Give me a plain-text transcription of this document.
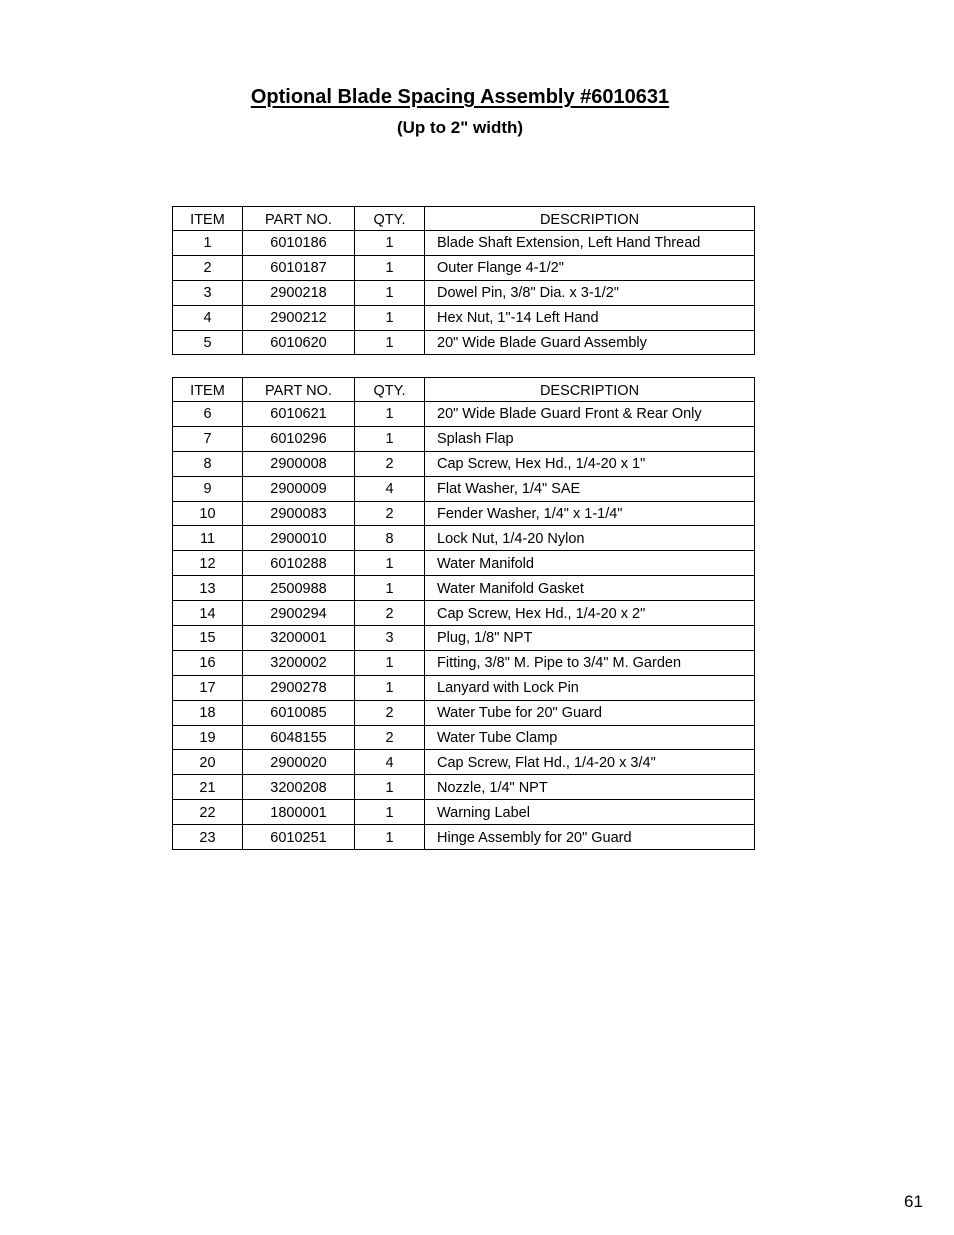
Optional Blade Spacing Assembly #6010631
(Up to 2" width)
ITEM	PART NO.	QTY.	DESCRIPTION
1	6010186	1	Blade Shaft Extension, Left Hand Thread
2	6010187	1	Outer Flange 4-1/2"
3	2900218	1	Dowel Pin, 3/8" Dia. x 3-1/2"
4	2900212	1	Hex Nut, 1"-14 Left Hand
5	6010620	1	20" Wide Blade Guard Assembly
ITEM	PART NO.	QTY.	DESCRIPTION
6	6010621	1	20" Wide Blade Guard Front & Rear Only
7	6010296	1	Splash Flap
8	2900008	2	Cap Screw, Hex Hd., 1/4-20 x 1"
9	2900009	4	Flat Washer, 1/4" SAE
10	2900083	2	Fender Washer, 1/4" x 1-1/4"
11	2900010	8	Lock Nut, 1/4-20 Nylon
12	6010288	1	Water Manifold
13	2500988	1	Water Manifold Gasket
14	2900294	2	Cap Screw, Hex Hd., 1/4-20 x 2"
15	3200001	3	Plug, 1/8" NPT
16	3200002	1	Fitting, 3/8" M. Pipe to 3/4" M. Garden
17	2900278	1	Lanyard with Lock Pin
18	6010085	2	Water Tube for 20" Guard
19	6048155	2	Water Tube Clamp
20	2900020	4	Cap Screw, Flat Hd., 1/4-20 x 3/4"
21	3200208	1	Nozzle, 1/4" NPT
22	1800001	1	Warning Label
23	6010251	1	Hinge Assembly for 20" Guard
61
